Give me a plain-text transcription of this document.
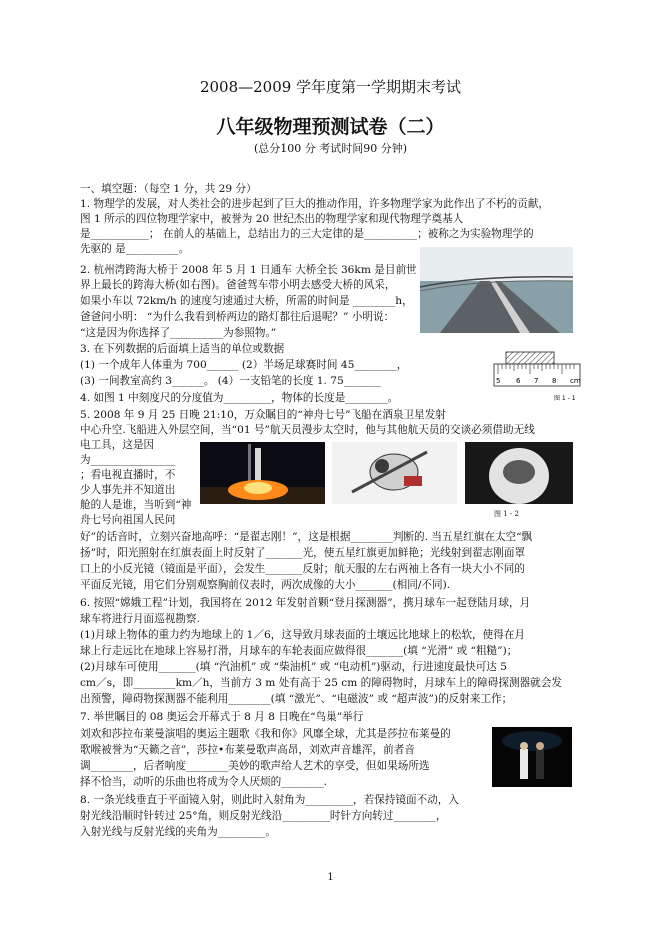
2008—2009 学年度第一学期期末考试
八年级物理预测试卷（二）
(总分100 分 考试时间90 分钟)
一、填空题：（每空 1 分，共 29 分）
1. 物理学的发展，对人类社会的进步起到了巨大的推动作用，许多物理学家为此作出了不朽的贡献，
图 1 所示的四位物理学家中，被誉为 20 世纪杰出的物理学家和现代物理学奠基人
是___________； 在前人的基础上，总结出力的三大定律的是__________；被称之为实验物理学的
先驱的 是__________。
2. 杭州湾跨海大桥于 2008 年 5 月 1 日通车 大桥全长 36km 是目前世
界上最长的跨海大桥(如右图)。爸爸驾车带小明去感受大桥的风采，
如果小车以 72km/h 的速度匀速通过大桥，所需的时间是 ________h，
爸爸问小明： “为什么我看到桥两边的路灯都往后退呢？” 小明说：
“这是因为你选择了__________为参照物。”
3. 在下列数据的后面填上适当的单位或数据
(1) 一个成年人体重为 700______ (2）半场足球赛时间 45________，
(3) 一间教室高约 3______。 (4）一支铅笔的长度 1. 75_______
4. 如图 1 中刻度尺的分度值为_________，物体的长度是________。
5. 2008 年 9 月 25 日晚 21:10，万众瞩目的“神舟七号”飞船在酒泉卫星发射
中心升空.飞船进入外层空间，当“01 号”航天员漫步太空时，他与其他航天员的交谈必须借助无线
电工具，这是因
为________________
；看电视直播时，不
少人事先并不知道出
舱的人是谁，当听到“神
舟七号向祖国人民问
好”的话音时，立刻兴奋地高呼：“是翟志刚！”，这是根据________判断的. 当五星红旗在太空“飘
扬”时，阳光照射在红旗表面上时反射了_______光，使五星红旗更加鲜艳；光线射到翟志刚面罩
口上的小反光镜（镜面是平面），会发生_______反射；航天服的左右两袖上各有一块大小不同的
平面反光镜，用它们分别观察胸前仪表时，两次成像的大小_______(相同/不同).
6. 按照“嫦娥工程”计划，我国将在 2012 年发射首颗“登月探测器”，携月球车一起登陆月球，月
球车将进行月面巡视勘察.
(1)月球上物体的重力约为地球上的 1／6，这导致月球表面的土壤远比地球上的松软，使得在月
球上行走远比在地球上容易打滑，月球车的车轮表面应做得很_______(填 “光滑” 或 “粗糙”)；
(2)月球车可使用_______(填 “汽油机” 或 “柴油机” 或 “电动机”)驱动，行进速度最快可达 5
cm／s，即________km／h，当前方 3 m 处有高于 25 cm 的障碍物时，月球车上的障碍探测器就会发
出预警，障碍物探测器不能利用________(填 “激光”、“电磁波” 或 “超声波”)的反射来工作；
7. 举世瞩目的 08 奥运会开幕式于 8 月 8 日晚在“鸟巢”举行
刘欢和莎拉布莱曼演唱的奥运主题歌《我和你》风靡全球，尤其是莎拉布莱曼的
歌喉被誉为“天籁之音”，莎拉•布莱曼歌声高昂，刘欢声音雄浑，前者音
调________，后者响度________美妙的歌声给人艺术的享受，但如果场所选
择不恰当，动听的乐曲也将成为令人厌烦的________.
8. 一条光线垂直于平面镜入射，则此时入射角为_________，若保持镜面不动，入
射光线沿顺时针转过 25°角，则反射光线沿_________时针方向转过________，
入射光线与反射光线的夹角为_________。
5 6 7 8 cm
图 1 - 1
图 1 - 2
1
